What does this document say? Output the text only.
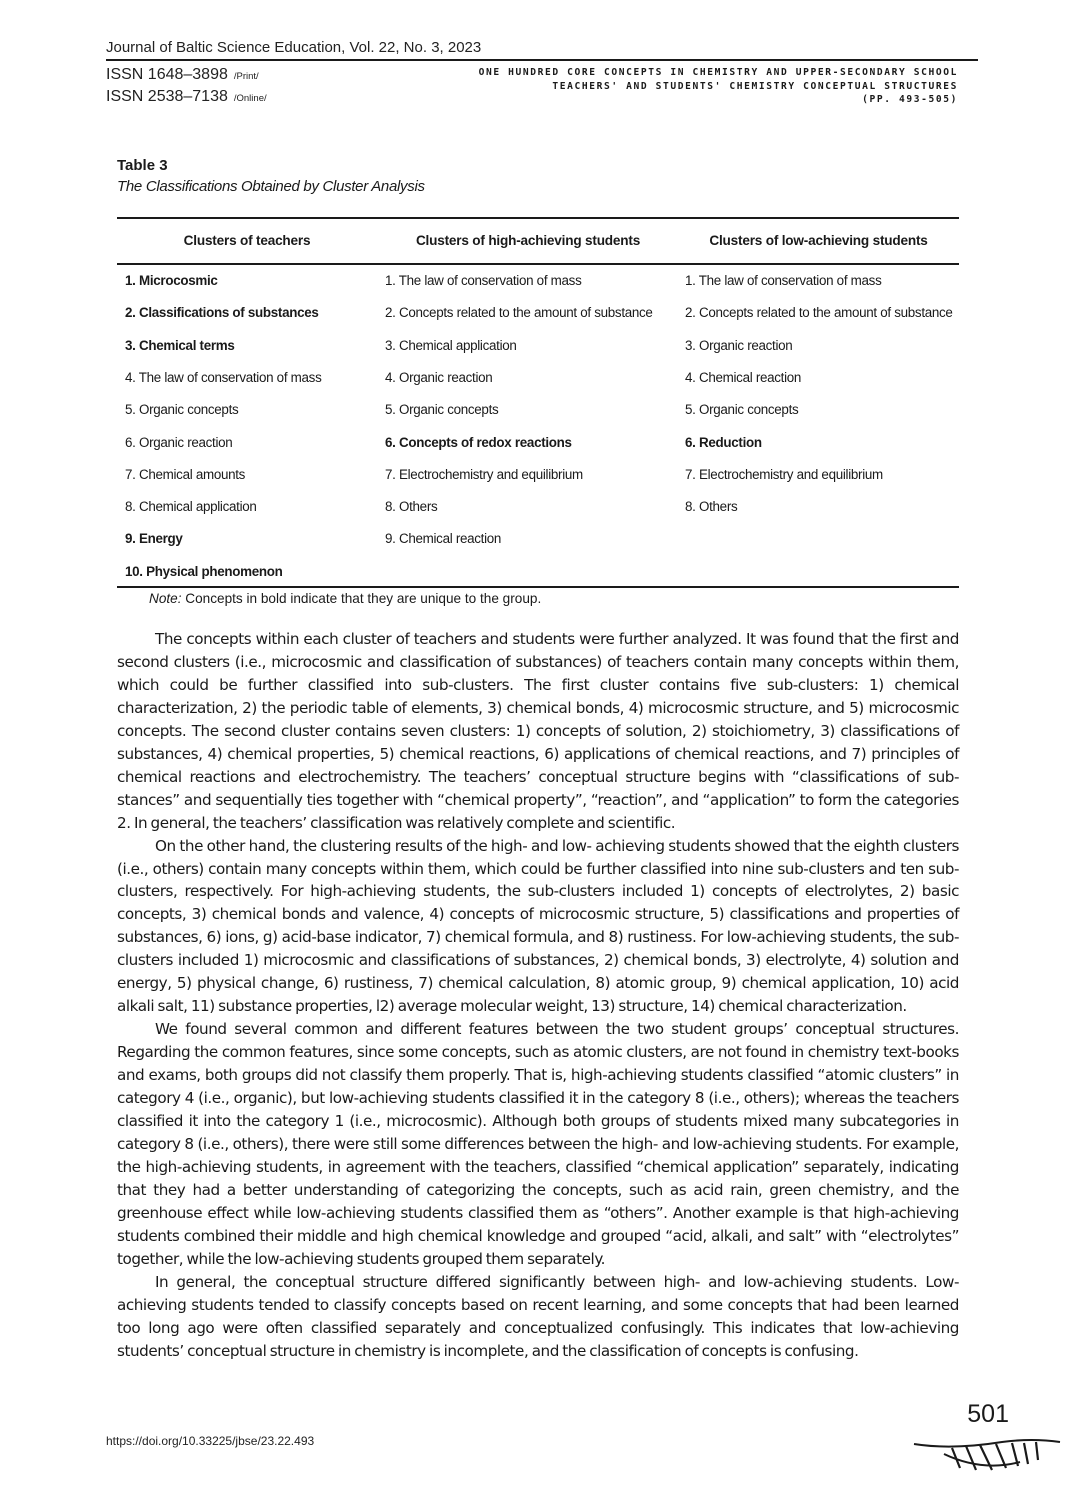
Journal of Baltic Science Education, Vol. 22, No. 3, 2023
ISSN 1648–3898 /Print/
ISSN 2538–7138 /Online/
ONE HUNDRED CORE CONCEPTS IN CHEMISTRY AND UPPER-SECONDARY SCHOOL
TEACHERS' AND STUDENTS' CHEMISTRY CONCEPTUAL STRUCTURES
(PP. 493-505)
Table 3
The Classifications Obtained by Cluster Analysis
Clusters of teachers	Clusters of high-achieving students	Clusters of low-achieving students
1. Microcosmic
2. Classifications of substances
3. Chemical terms
4. The law of conservation of mass
5. Organic concepts
6. Organic reaction
7. Chemical amounts
8. Chemical application
9. Energy
10. Physical phenomenon
1. The law of conservation of mass
2. Concepts related to the amount of substance
3. Chemical application
4. Organic reaction
5. Organic concepts
6. Concepts of redox reactions
7. Electrochemistry and equilibrium
8. Others
9. Chemical reaction
1. The law of conservation of mass
2. Concepts related to the amount of substance
3. Organic reaction
4. Chemical reaction
5. Organic concepts
6. Reduction
7. Electrochemistry and equilibrium
8. Others
Note: Concepts in bold indicate that they are unique to the group.

The concepts within each cluster of teachers and students were further analyzed. It was found that the first and second clusters (i.e., microcosmic and classification of substances) of teachers contain many concepts within them, which could be further classified into sub-clusters. The first cluster contains five sub-clusters: 1) chemical characterization, 2) the periodic table of elements, 3) chemical bonds, 4) microcosmic structure, and 5) microcosmic concepts. The second cluster contains seven clusters: 1) concepts of solution, 2) stoichiometry, 3) classifications of substances, 4) chemical properties, 5) chemical reactions, 6) applications of chemical reactions, and 7) principles of chemical reactions and electrochemistry. The teachers’ conceptual structure begins with “classifications of sub-stances” and sequentially ties together with “chemical property”, “reaction”, and “application” to form the categories 2. In general, the teachers’ classification was relatively complete and scientific.

On the other hand, the clustering results of the high- and low- achieving students showed that the eighth clusters (i.e., others) contain many concepts within them, which could be further classified into nine sub-clusters and ten sub-clusters, respectively. For high-achieving students, the sub-clusters included 1) concepts of electrolytes, 2) basic concepts, 3) chemical bonds and valence, 4) concepts of microcosmic structure, 5) classifications and properties of substances, 6) ions, g) acid-base indicator, 7) chemical formula, and 8) rustiness. For low-achieving students, the sub-clusters included 1) microcosmic and classifications of substances, 2) chemical bonds, 3) electrolyte, 4) solution and energy, 5) physical change, 6) rustiness, 7) chemical calculation, 8) atomic group, 9) chemical application, 10) acid alkali salt, 11) substance properties, l2) average molecular weight, 13) structure, 14) chemical characterization.

We found several common and different features between the two student groups’ conceptual structures. Regarding the common features, since some concepts, such as atomic clusters, are not found in chemistry text-books and exams, both groups did not classify them properly. That is, high-achieving students classified “atomic clusters” in category 4 (i.e., organic), but low-achieving students classified it in the category 8 (i.e., others); whereas the teachers classified it into the category 1 (i.e., microcosmic). Although both groups of students mixed many subcategories in category 8 (i.e., others), there were still some differences between the high- and low-achieving students. For example, the high-achieving students, in agreement with the teachers, classified “chemical application” separately, indicating that they had a better understanding of categorizing the concepts, such as acid rain, green chemistry, and the greenhouse effect while low-achieving students classified them as “others”. Another example is that high-achieving students combined their middle and high chemical knowledge and grouped “acid, alkali, and salt” with “electrolytes” together, while the low-achieving students grouped them separately.

In general, the conceptual structure differed significantly between high- and low-achieving students. Low-achieving students tended to classify concepts based on recent learning, and some concepts that had been learned too long ago were often classified separately and conceptualized confusingly. This indicates that low-achieving students’ conceptual structure in chemistry is incomplete, and the classification of concepts is confusing.

501
https://doi.org/10.33225/jbse/23.22.493
